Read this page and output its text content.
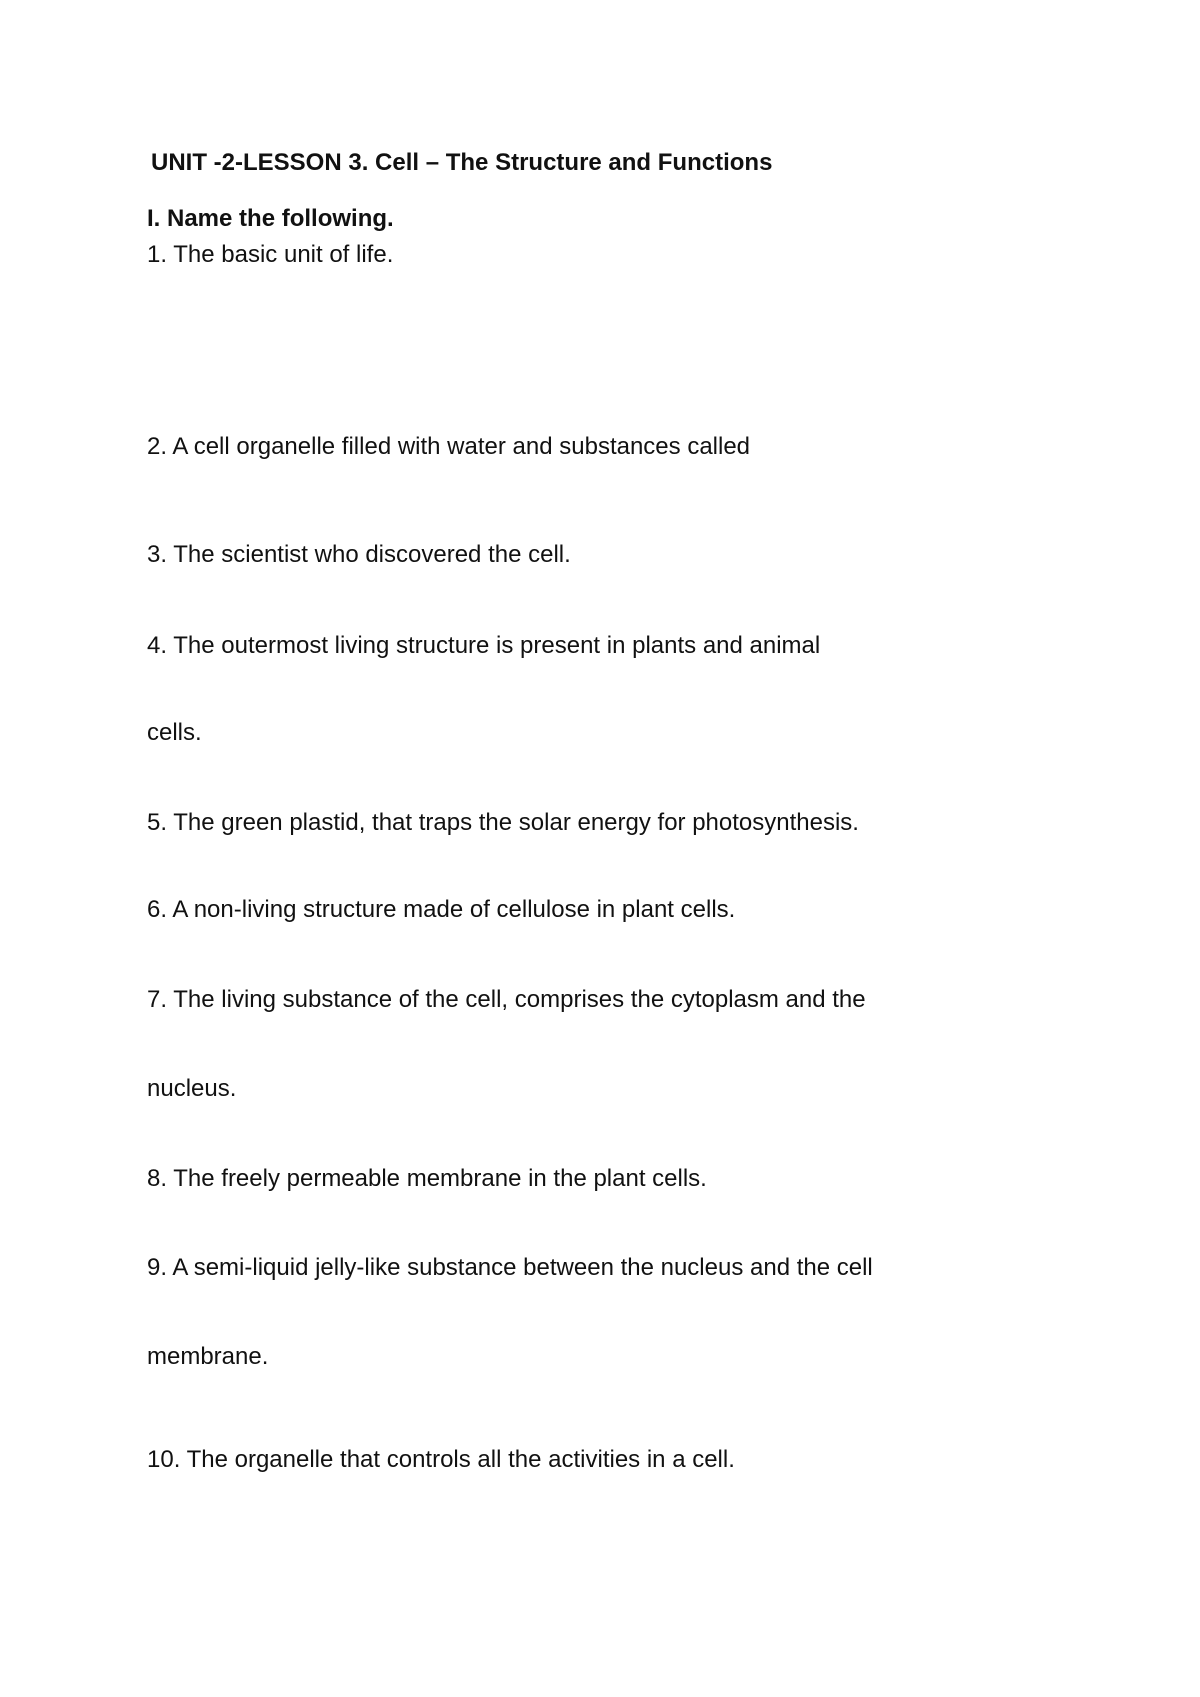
UNIT -2-LESSON 3. Cell – The Structure and Functions
I. Name the following.
1. The basic unit of life.
2. A cell organelle filled with water and substances called
3. The scientist who discovered the cell.
4. The outermost living structure is present in plants and animal
cells.
5. The green plastid, that traps the solar energy for photosynthesis.
6. A non-living structure made of cellulose in plant cells.
7. The living substance of the cell, comprises the cytoplasm and the
nucleus.
8. The freely permeable membrane in the plant cells.
9. A semi-liquid jelly-like substance between the nucleus and the cell
membrane.
10. The organelle that controls all the activities in a cell.
